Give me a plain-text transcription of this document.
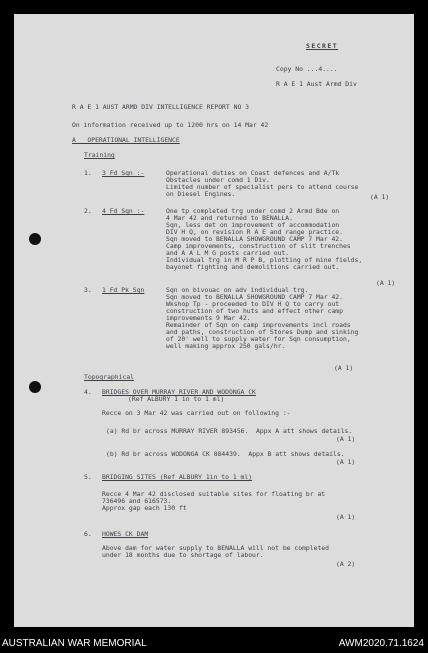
SECRET
Copy No ...4....
R A E 1 Aust Armd Div
R A E 1 AUST ARMD DIV INTELLIGENCE REPORT NO 3
On information received up to 1200 hrs on 14 Mar 42
A   OPERATIONAL INTELLIGENCE
Training
1. 3 Fd Sqn :-	Operational duties on Coast defences and A/Tk
Obstacles under comd 1 Div.
Limited number of specialist pers to attend course
on Diesel Engines.	(A 1)
2. 4 Fd Sqn :-	One tp completed trg under comd 2 Armd Bde on
4 Mar 42 and returned to BENALLA.
Sqn, less det on improvement of accommodation
DIV H Q, on revision R A E and range practice.
Sqn moved to BENALLA SHOWGROUND CAMP 7 Mar 42.
Camp improvements, construction of slit trenches
and A A L M G posts carried out.
Individual trg in M R P B, plotting of mine fields,
bayonet fighting and demolitions carried out.
(A 1)
3. 1 Fd Pk Sqn	Sqn on bivouac on adv individual trg.
Sqn moved to BENALLA SHOWGROUND CAMP 7 Mar 42.
Wkshop Tp - proceeded to DIV H Q to carry out
construction of two huts and effect other camp
improvements 9 Mar 42.
Remainder of Sqn on camp improvements incl roads
and paths, construction of Stores Dump and sinking
of 20' well to supply water for Sqn consumption,
well making approx 250 gals/hr.
(A 1)
Topographical
4. BRIDGES OVER MURRAY RIVER AND WODONGA CK
(Ref ALBURY 1 in to 1 ml)
Recce on 3 Mar 42 was carried out on following :-
(a) Rd br across MURRAY RIVER 893456.  Appx A att shows details.
(A 1)
(b) Rd br across WODONGA CK 884439.  Appx B att shows details.
(A 1)
5. BRIDGING SITES (Ref ALBURY 1in to 1 ml)
Recce 4 Mar 42 disclosed suitable sites for floating br at
736496 and 616573.
Approx gap each 130 ft
(A 1)
6. HOWES CK DAM
Above dam for water supply to BENALLA will not be completed
under 18 months due to shortage of labour.
(A 2)
AUSTRALIAN WAR MEMORIAL	AWM2020.71.1624
